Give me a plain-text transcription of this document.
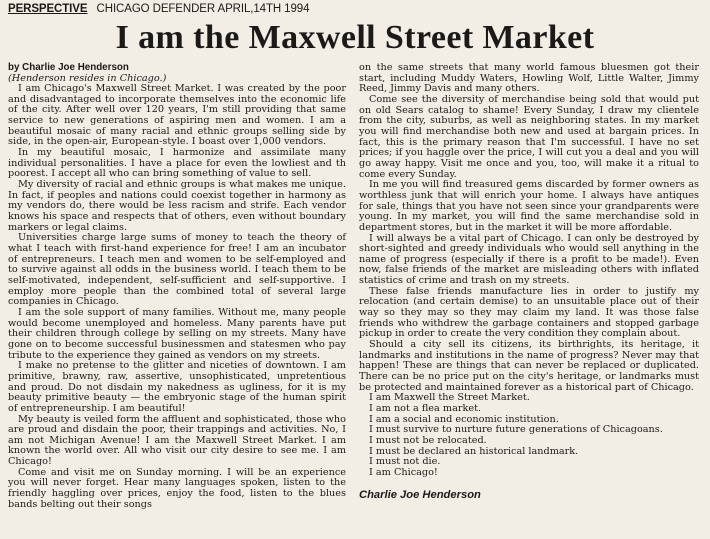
PERSPECTIVE CHICAGO DEFENDER APRIL,14TH 1994
I am the Maxwell Street Market
by Charlie Joe Henderson

(Henderson resides in Chicago.)

I am Chicago's Maxwell Street Market. I was created by the poor and disadvantaged to incorporate themselves into the economic life of the city. After well over 120 years, I'm still providing that same service to new generations of aspiring men and women. I am a beautiful mosaic of many racial and ethnic groups selling side by side, in the open-air, European-style. I boast over 1,000 vendors.

In my beautiful mosaic, I harmonize and assimilate many individual personalities. I have a place for even the lowliest and th poorest. I accept all who can bring something of value to sell.

My diversity of racial and ethnic groups is what makes me unique. In fact, if peoples and nations could coexist together in harmony as my vendors do, there would be less racism and strife. Each vendor knows his space and respects that of others, even without boundary markers or legal claims.

Universities charge large sums of money to teach the theory of what I teach with first-hand experience for free! I am an incubator of entrepreneurs. I teach men and women to be self-employed and to survive against all odds in the business world. I teach them to be self-motivated, independent, self-sufficient and self-supportive. I employ more people than the combined total of several large companies in Chicago.

I am the sole support of many families. Without me, many people would become unemployed and homeless. Many parents have put their children through college by selling on my streets. Many have gone on to become successful businessmen and statesmen who pay tribute to the experience they gained as vendors on my streets.

I make no pretense to the glitter and niceties of downtown. I am primitive, brawny, raw, assertive, unsophisticated, unpretentious and proud. Do not disdain my nakedness as ugliness, for it is my beauty primitive beauty — the embryonic stage of the human spirit of entrepreneurship. I am beautiful!

My beauty is veiled form the affluent and sophisticated, those who are proud and disdain the poor, their trappings and activities. No, I am not Michigan Avenue! I am the Maxwell Street Market. I am known the world over. All who visit our city desire to see me. I am Chicago!

Come and visit me on Sunday morning. I will be an experience you will never forget. Hear many languages spoken, listen to the friendly haggling over prices, enjoy the food, listen to the blues bands belting out their songs

on the same streets that many world famous bluesmen got their start, including Muddy Waters, Howling Wolf, Little Walter, Jimmy Reed, Jimmy Davis and many others.

Come see the diversity of merchandise being sold that would put on old Sears catalog to shame! Every Sunday, I draw my clientele from the city, suburbs, as well as neighboring states. In my market you will find merchandise both new and used at bargain prices. In fact, this is the primary reason that I'm successful. I have no set prices; if you haggle over the price, I will cut you a deal and you will go away happy. Visit me once and you, too, will make it a ritual to come every Sunday.

In me you will find treasured gems discarded by former owners as worthless junk that will enrich your home. I always have antiques for sale, things that you have not seen since your grandparents were young. In my market, you will find the same merchandise sold in department stores, but in the market it will be more affordable.

I will always be a vital part of Chicago. I can only be destroyed by short-sighted and greedy individuals who would sell anything in the name of progress (especially if there is a profit to be made!). Even now, false friends of the market are misleading others with inflated statistics of crime and trash on my streets.

These false friends manufacture lies in order to justify my relocation (and certain demise) to an unsuitable place out of their way so they may so they may claim my land. It was those false friends who withdrew the garbage containers and stopped garbage pickup in order to create the very condition they complain about.

Should a city sell its citizens, its birthrights, its heritage, it landmarks and institutions in the name of progress? Never may that happen! These are things that can never be replaced or duplicated. There can be no price put on the city's heritage, or landmarks must be protected and maintained forever as a historical part of Chicago.

I am Maxwell the Street Market.

I am not a flea market.

I am a social and economic institution.

I must survive to nurture future generations of Chicagoans.

I must not be relocated.

I must be declared an historical landmark.

I must not die.

I am Chicago!

Charlie Joe Henderson
